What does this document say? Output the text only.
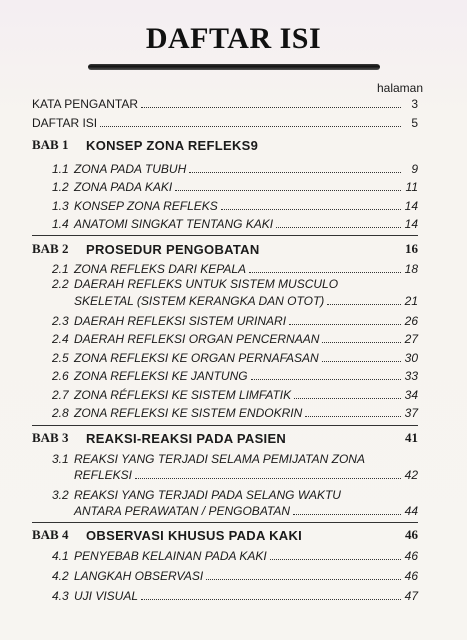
DAFTAR ISI
halaman
KATA PENGANTAR	3
DAFTAR ISI	5
BAB 1	KONSEP ZONA REFLEKS9
1.1 ZONA PADA TUBUH	9
1.2 ZONA PADA KAKI	11
1.3 KONSEP ZONA REFLEKS	14
1.4 ANATOMI SINGKAT TENTANG KAKI	14
BAB 2	PROSEDUR PENGOBATAN	16
2.1 ZONA REFLEKS DARI KEPALA	18
2.2 DAERAH REFLEKS UNTUK SISTEM MUSCULO
SKELETAL (SISTEM KERANGKA DAN OTOT)	21
2.3 DAERAH REFLEKSI SISTEM URINARI	26
2.4 DAERAH REFLEKSI ORGAN PENCERNAAN	27
2.5 ZONA REFLEKSI KE ORGAN PERNAFASAN	30
2.6 ZONA REFLEKSI KE JANTUNG	33
2.7 ZONA RÉFLEKSI KE SISTEM LIMFATIK	34
2.8 ZONA REFLEKSI KE SISTEM ENDOKRIN	37
BAB 3	REAKSI-REAKSI PADA PASIEN	41
3.1 REAKSI YANG TERJADI SELAMA PEMIJATAN ZONA
REFLEKSI	42
3.2 REAKSI YANG TERJADI PADA SELANG WAKTU
ANTARA PERAWATAN / PENGOBATAN	44
BAB 4	OBSERVASI KHUSUS PADA KAKI	46
4.1 PENYEBAB KELAINAN PADA KAKI	46
4.2 LANGKAH OBSERVASI	46
4.3 UJI VISUAL	47
